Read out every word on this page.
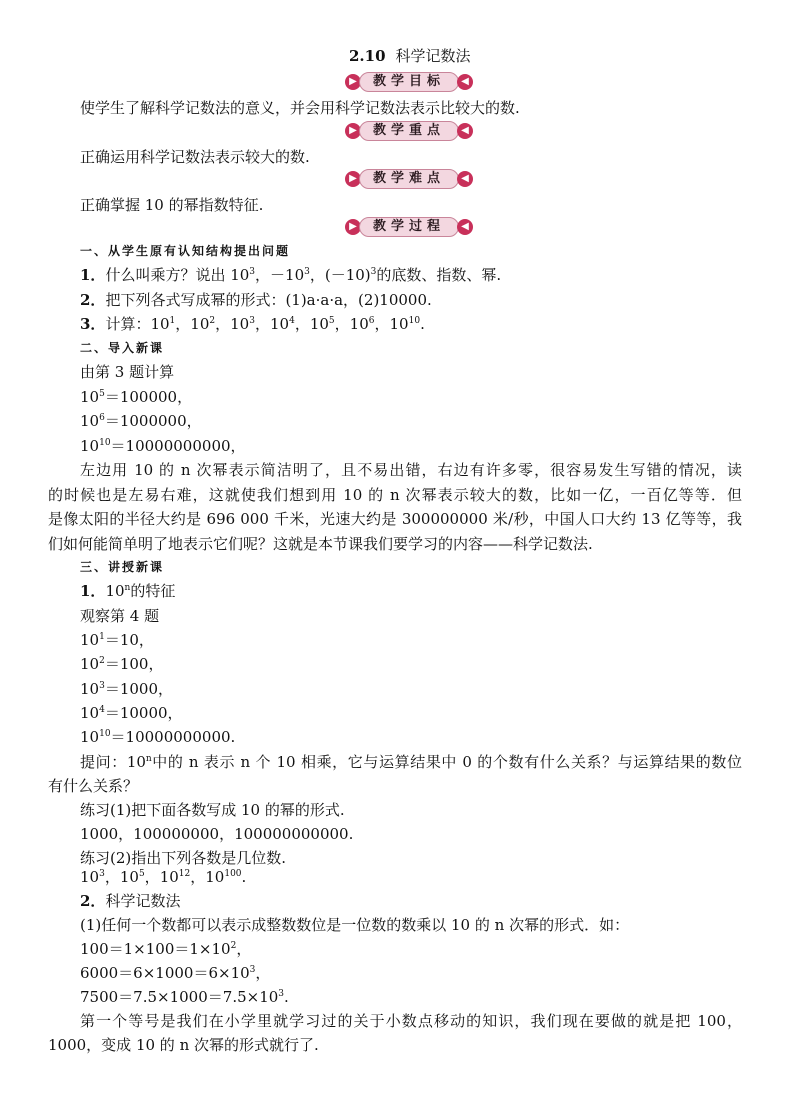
2.10 科学记数法
▶	教学目标	◀
使学生了解科学记数法的意义，并会用科学记数法表示比较大的数.
▶	教学重点	◀
正确运用科学记数法表示较大的数.
▶	教学难点	◀
正确掌握 10 的幂指数特征.
▶	教学过程	◀
一、从学生原有认知结构提出问题
1．什么叫乘方？说出 $10^3$，$-10^3$，$(-10)^3$的底数、指数、幂.
2．把下列各式写成幂的形式：(1)a·a·a，(2)10000.
3．计算：$10^1$，$10^2$，$10^3$，$10^4$，$10^5$，$10^6$，$10^{10}$.
二、导入新课
由第 3 题计算
$10^5=100000$，
$10^6=1000000$，
$10^{10}=10000000000$，
左边用 10 的 n 次幂表示简洁明了，且不易出错，右边有许多零，很容易发生写错的情况，读
的时候也是左易右难，这就使我们想到用 10 的 n 次幂表示较大的数，比如一亿，一百亿等等．但
是像太阳的半径大约是 696 000 千米，光速大约是 300000000 米/秒，中国人口大约 13 亿等等，我
们如何能简单明了地表示它们呢？这就是本节课我们要学习的内容——科学记数法.
三、讲授新课
1．10$^n$的特征
观察第 4 题
$10^1=10$，
$10^2=100$，
$10^3=1000$，
$10^4=10000$，
$10^{10}=10000000000$.
提问：10$^n$中的 n 表示 n 个 10 相乘，它与运算结果中 0 的个数有什么关系？与运算结果的数位
有什么关系？
练习(1)把下面各数写成 10 的幂的形式.
1000，100000000，100000000000.
练习(2)指出下列各数是几位数.
$10^3$，$10^5$，$10^{12}$，$10^{100}$.
2．科学记数法
(1)任何一个数都可以表示成整数数位是一位数的数乘以 10 的 n 次幂的形式．如：
$100=1\times 100=1\times 10^2$，
$6000=6\times 1000=6\times 10^3$，
$7500=7.5\times 1000=7.5\times 10^3$.
第一个等号是我们在小学里就学习过的关于小数点移动的知识，我们现在要做的就是把 100，
1000，变成 10 的 n 次幂的形式就行了.
